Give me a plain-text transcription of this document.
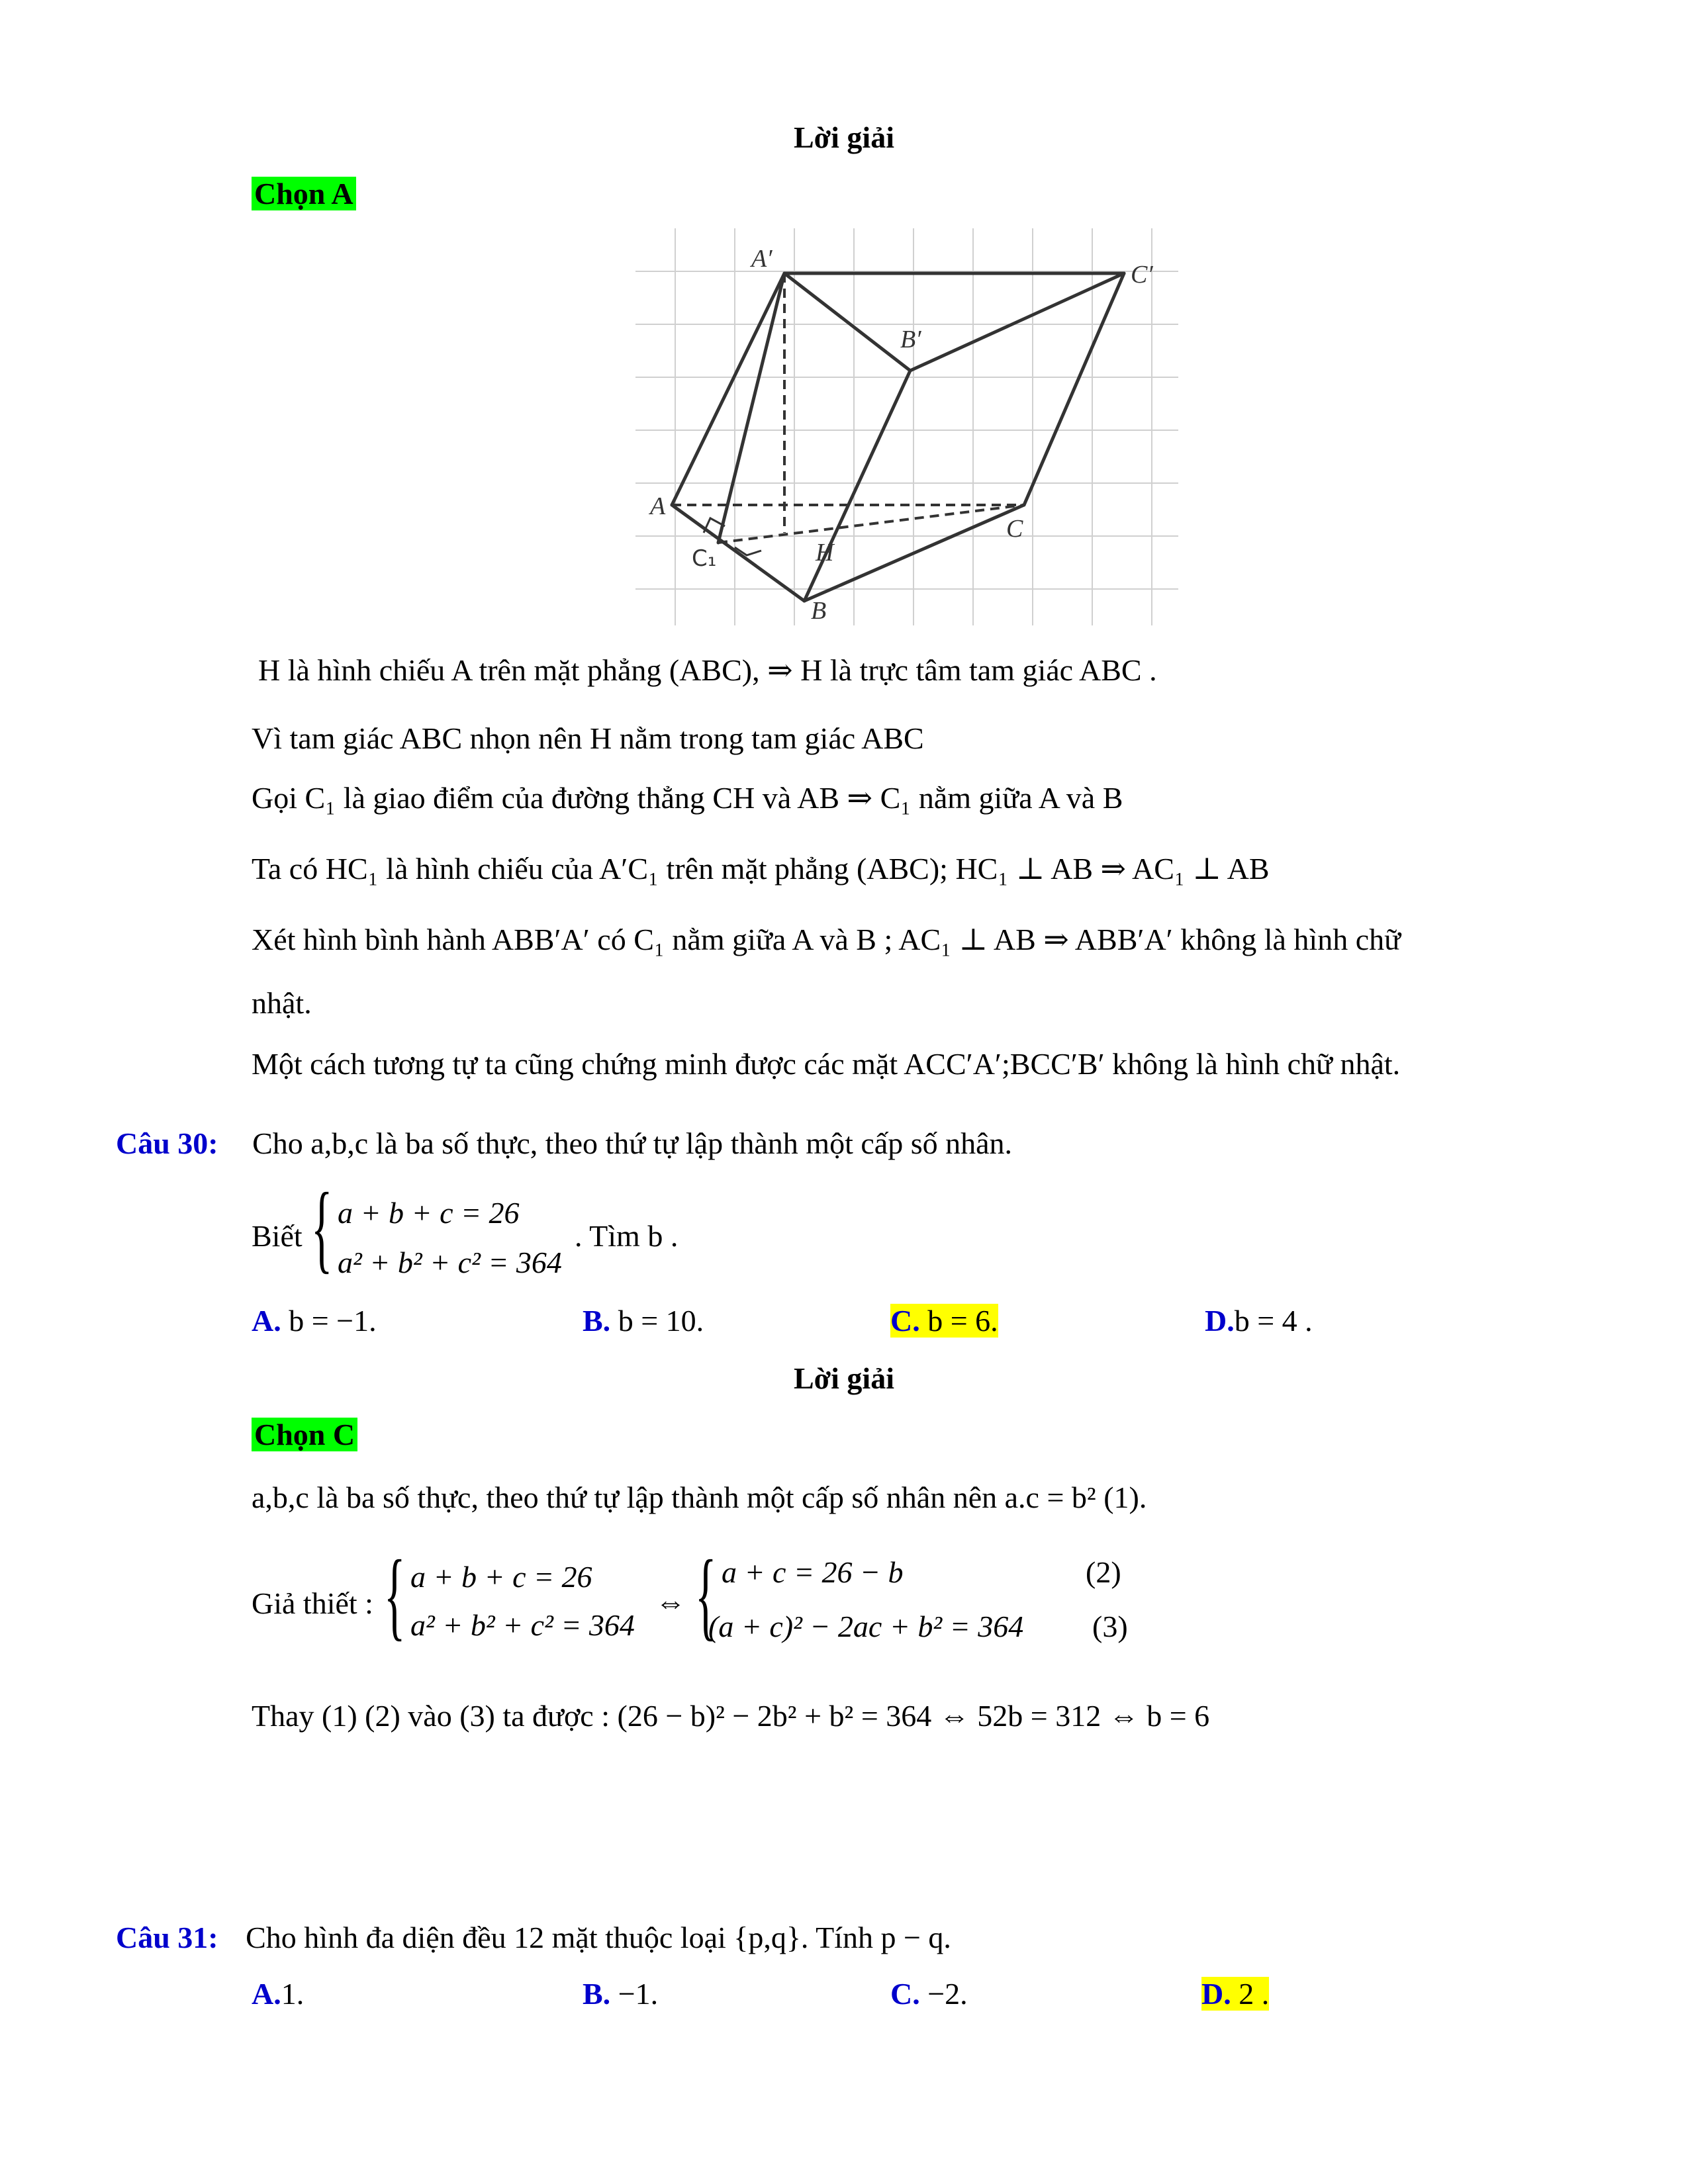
Lời giải
Chọn A
A′
C′
B′
A
C
H
B
C₁
H là hình chiếu A trên mặt phẳng (ABC), ⇒ H là trực tâm tam giác ABC .
Vì tam giác ABC nhọn nên H nằm trong tam giác ABC
Gọi C₁ là giao điểm của đường thẳng CH và AB ⇒ C₁ nằm giữa A và B
Ta có HC₁ là hình chiếu của A′C₁ trên mặt phẳng (ABC); HC₁ ⊥ AB ⇒ AC₁ ⊥ AB
Xét hình bình hành ABB′A′ có C₁ nằm giữa A và B ; AC₁ ⊥ AB ⇒ ABB′A′ không là hình chữ
nhật.
Một cách tương tự ta cũng chứng minh được các mặt ACC′A′;BCC′B′ không là hình chữ nhật.
Câu 30: Cho a,b,c là ba số thực, theo thứ tự lập thành một cấp số nhân.
Biết { a + b + c = 26
a² + b² + c² = 364
. Tìm b .
A. b = −1.	B. b = 10.	C. b = 6.	D.b = 4 .
Lời giải
Chọn C
a,b,c là ba số thực, theo thứ tự lập thành một cấp số nhân nên a.c = b² (1).
Giả thiết : { a + b + c = 26
a² + b² + c² = 364
⇔ { a + c = 26 − b
(a + c)² − 2ac + b² = 364
(2)
(3)
Thay (1) (2) vào (3) ta được : (26 − b)² − 2b² + b² = 364 ⇔ 52b = 312 ⇔ b = 6
Câu 31: Cho hình đa diện đều 12 mặt thuộc loại {p,q}. Tính p − q.
A.1.	B. −1.	C. −2.	D. 2 .
